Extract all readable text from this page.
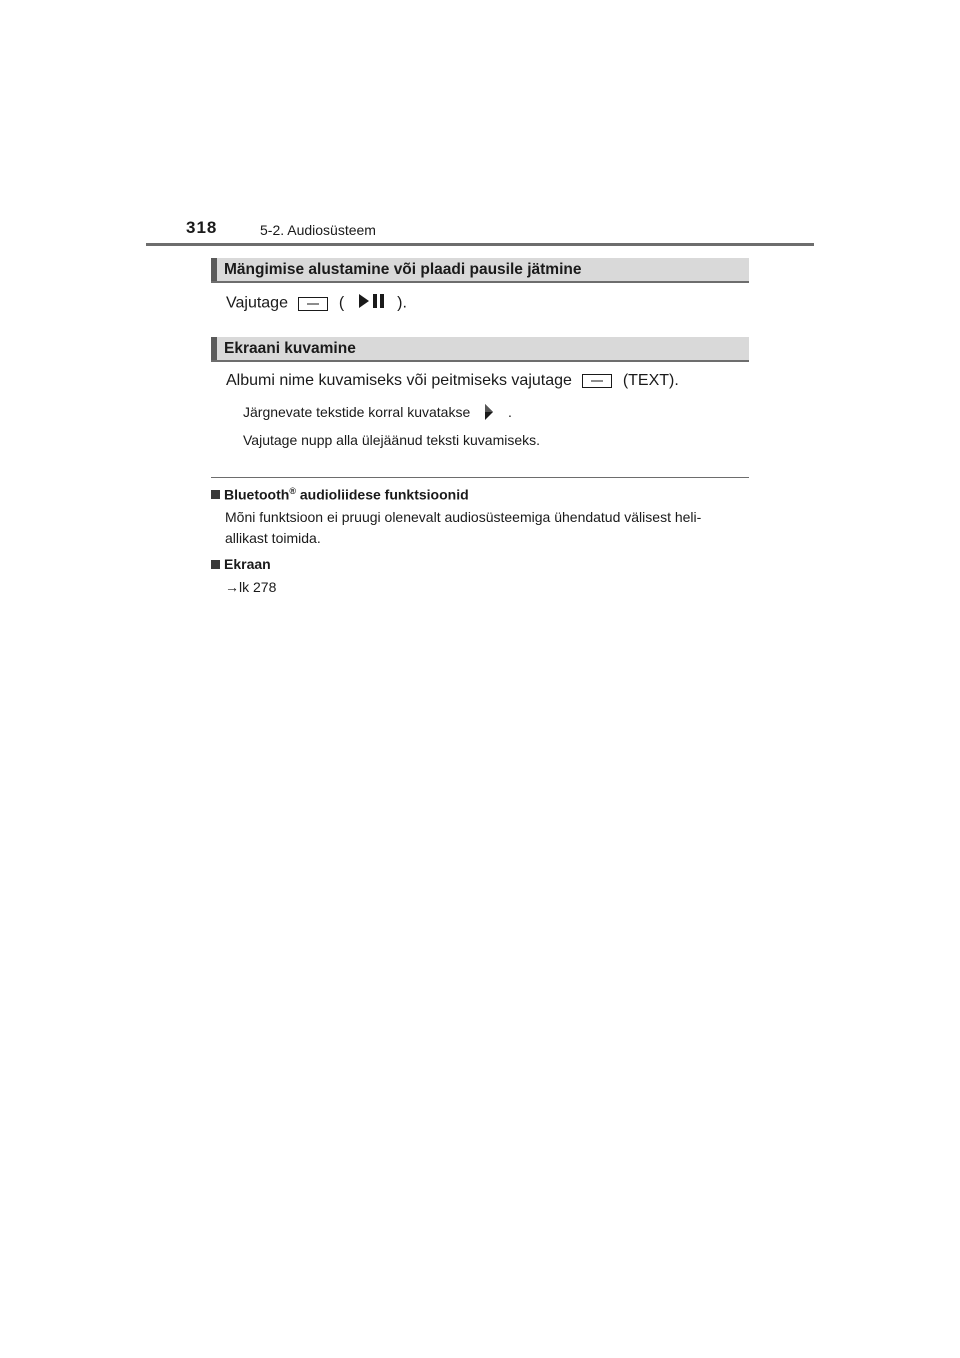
318	5-2. Audiosüsteem
Mängimise alustamine või plaadi pausile jätmine
Vajutage	(	).
Ekraani kuvamine
Albumi nime kuvamiseks või peitmiseks vajutage	(TEXT).
Järgnevate tekstide korral kuvatakse	.
Vajutage nupp alla ülejäänud teksti kuvamiseks.
Bluetooth® audioliidese funktsioonid
Mõni funktsioon ei pruugi olenevalt audiosüsteemiga ühendatud välisest heli-
allikast toimida.
Ekraan
→lk 278
